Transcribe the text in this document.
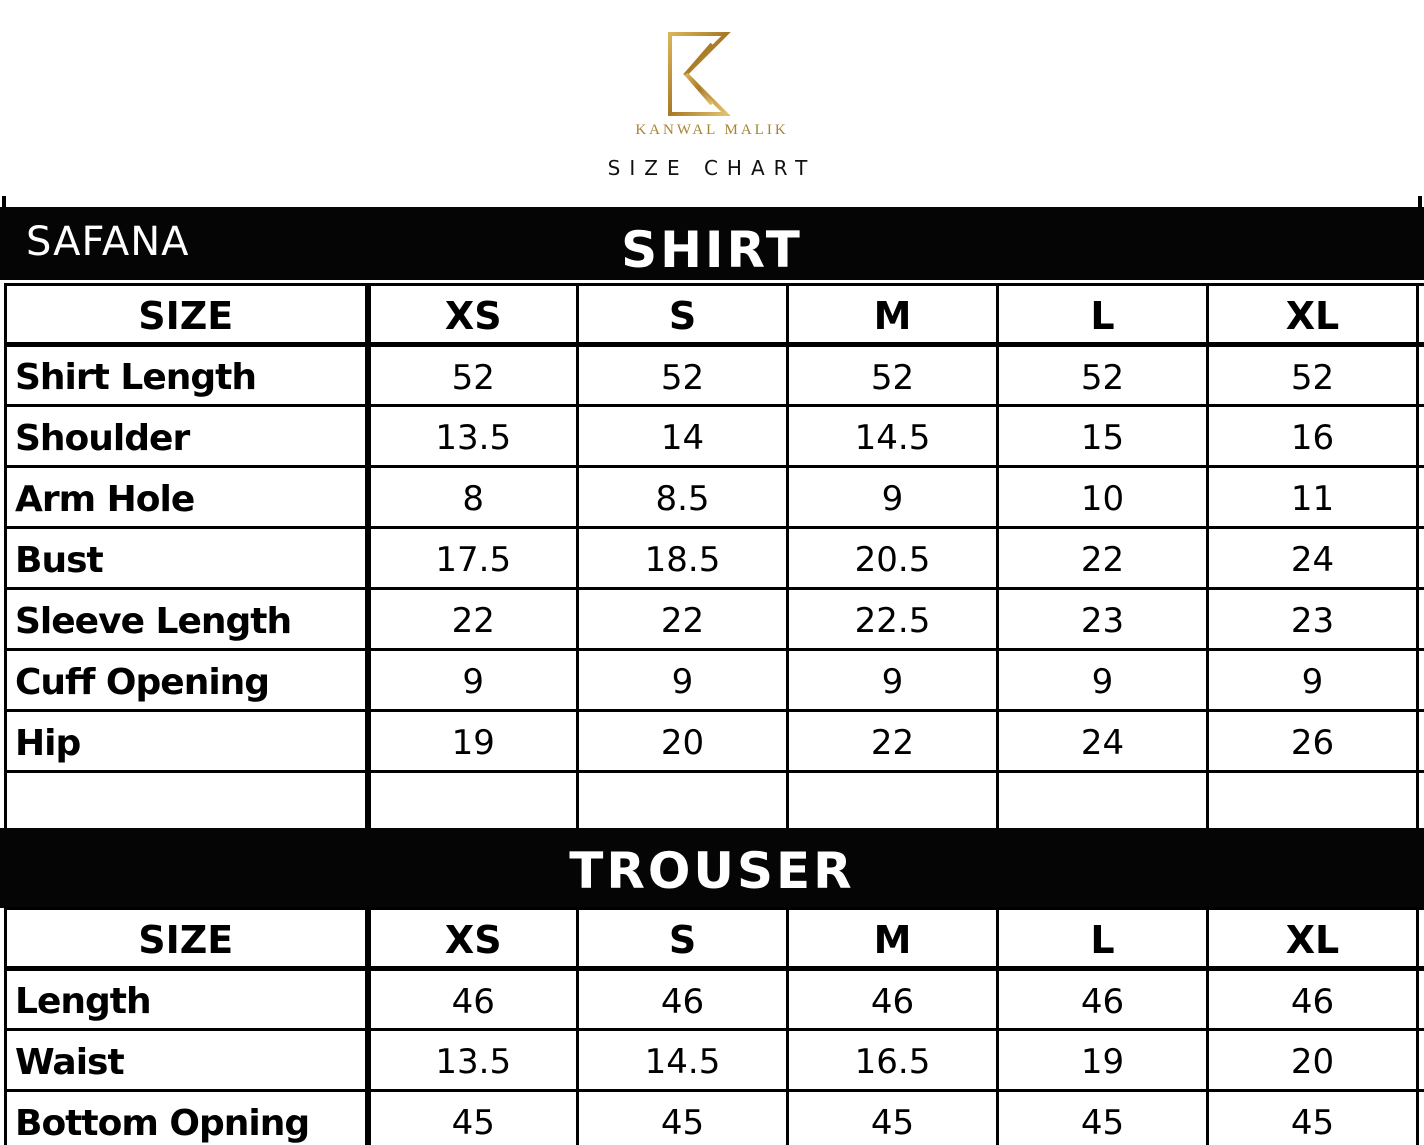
KANWAL MALIK
SIZE CHART
SAFANA	SHIRT
SIZE	XS	S	M	L	XL	
Shirt Length	52	52	52	52	52	
Shoulder	13.5	14	14.5	15	16	
Arm Hole	8	8.5	9	10	11	
Bust	17.5	18.5	20.5	22	24	
Sleeve Length	22	22	22.5	23	23	
Cuff Opening	9	9	9	9	9	
Hip	19	20	22	24	26	

TROUSER
SIZE	XS	S	M	L	XL	
Length	46	46	46	46	46	
Waist	13.5	14.5	16.5	19	20	
Bottom Opning	45	45	45	45	45	
